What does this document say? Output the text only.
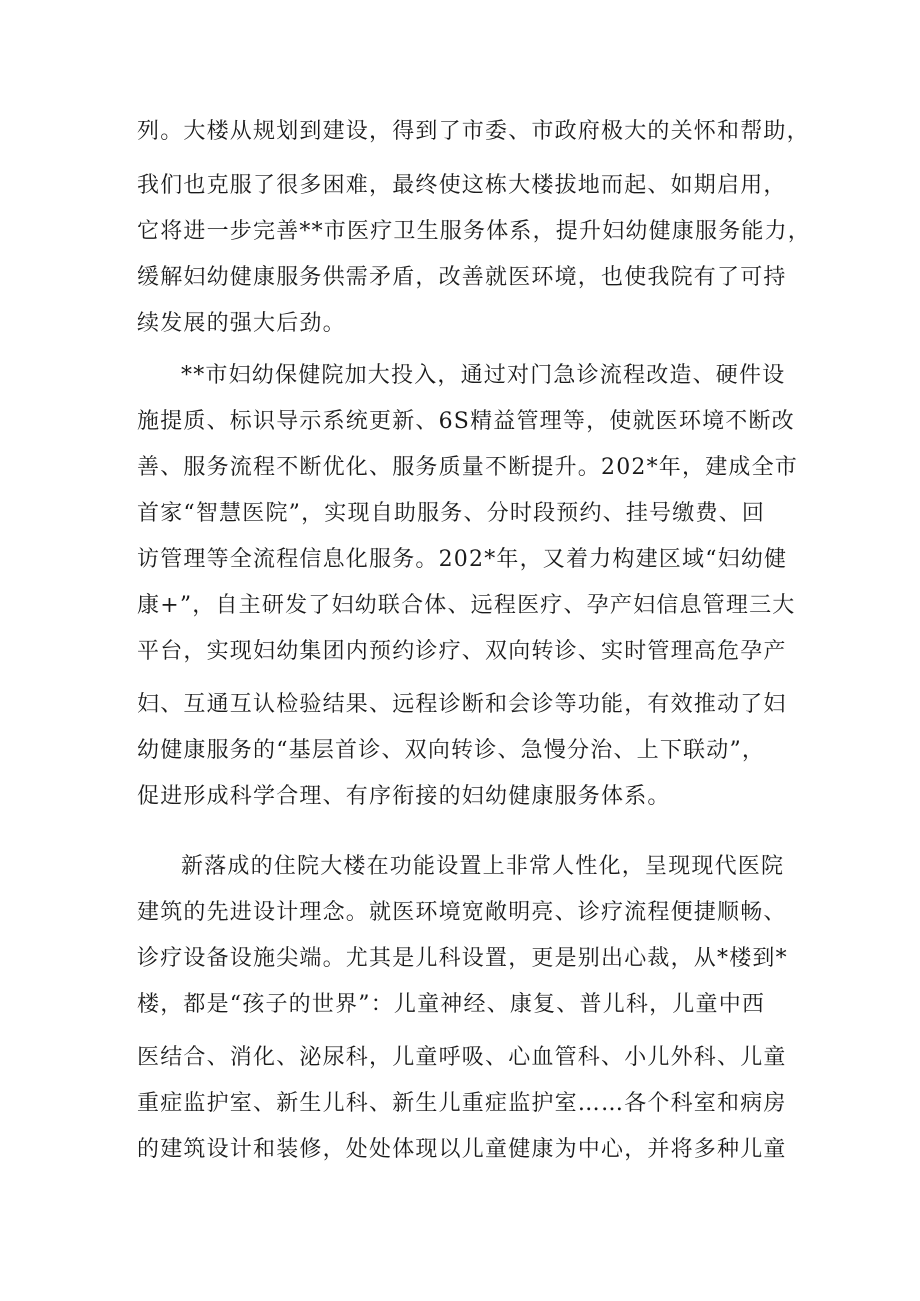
列。大楼从规划到建设，得到了市委、市政府极大的关怀和帮助，
我们也克服了很多困难，最终使这栋大楼拔地而起、如期启用，
它将进一步完善**市医疗卫生服务体系，提升妇幼健康服务能力，
缓解妇幼健康服务供需矛盾，改善就医环境，也使我院有了可持
续发展的强大后劲。
**市妇幼保健院加大投入，通过对门急诊流程改造、硬件设
施提质、标识导示系统更新、6S精益管理等，使就医环境不断改
善、服务流程不断优化、服务质量不断提升。202*年，建成全市
首家“智慧医院”，实现自助服务、分时段预约、挂号缴费、回
访管理等全流程信息化服务。202*年，又着力构建区域“妇幼健
康+”，自主研发了妇幼联合体、远程医疗、孕产妇信息管理三大
平台，实现妇幼集团内预约诊疗、双向转诊、实时管理高危孕产
妇、互通互认检验结果、远程诊断和会诊等功能，有效推动了妇
幼健康服务的“基层首诊、双向转诊、急慢分治、上下联动”，
促进形成科学合理、有序衔接的妇幼健康服务体系。
新落成的住院大楼在功能设置上非常人性化，呈现现代医院
建筑的先进设计理念。就医环境宽敞明亮、诊疗流程便捷顺畅、
诊疗设备设施尖端。尤其是儿科设置，更是别出心裁，从*楼到*
楼，都是“孩子的世界”：儿童神经、康复、普儿科，儿童中西
医结合、消化、泌尿科，儿童呼吸、心血管科、小儿外科、儿童
重症监护室、新生儿科、新生儿重症监护室……各个科室和病房
的建筑设计和装修，处处体现以儿童健康为中心，并将多种儿童
